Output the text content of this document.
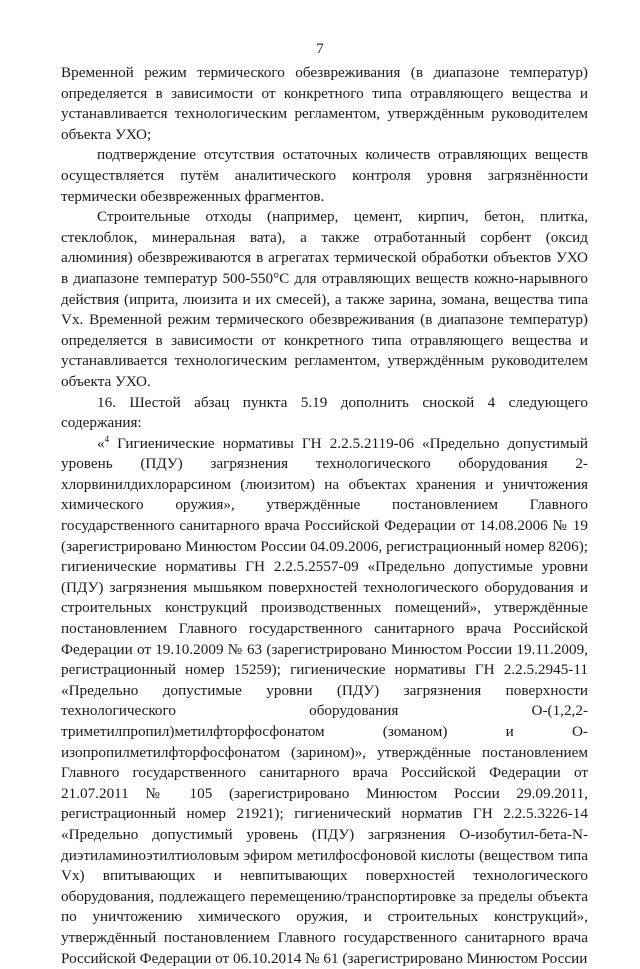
7

Временной режим термического обезвреживания (в диапазоне температур) определяется в зависимости от конкретного типа отравляющего вещества и устанавливается технологическим регламентом, утверждённым руководителем объекта УХО;

подтверждение отсутствия остаточных количеств отравляющих веществ осуществляется путём аналитического контроля уровня загрязнённости термически обезвреженных фрагментов.

Строительные отходы (например, цемент, кирпич, бетон, плитка, стеклоблок, минеральная вата), а также отработанный сорбент (оксид алюминия) обезвреживаются в агрегатах термической обработки объектов УХО в диапазоне температур 500-550°С для отравляющих веществ кожно-нарывного действия (иприта, люизита и их смесей), а также зарина, зомана, вещества типа Vx. Временной режим термического обезвреживания (в диапазоне температур) определяется в зависимости от конкретного типа отравляющего вещества и устанавливается технологическим регламентом, утверждённым руководителем объекта УХО.

16. Шестой абзац пункта 5.19 дополнить сноской 4 следующего содержания:

«$^4$ Гигиенические нормативы ГН 2.2.5.2119-06 «Предельно допустимый уровень (ПДУ) загрязнения технологического оборудования 2-хлорвинилдихлорарсином (люизитом) на объектах хранения и уничтожения химического оружия», утверждённые постановлением Главного государственного санитарного врача Российской Федерации от 14.08.2006 № 19 (зарегистрировано Минюстом России 04.09.2006, регистрационный номер 8206); гигиенические нормативы ГН 2.2.5.2557-09 «Предельно допустимые уровни (ПДУ) загрязнения мышьяком поверхностей технологического оборудования и строительных конструкций производственных помещений», утверждённые постановлением Главного государственного санитарного врача Российской Федерации от 19.10.2009 № 63 (зарегистрировано Минюстом России 19.11.2009, регистрационный номер 15259); гигиенические нормативы ГН 2.2.5.2945-11 «Предельно допустимые уровни (ПДУ) загрязнения поверхности технологического оборудования О-(1,2,2-триметилпропил)метилфторфосфонатом (зоманом) и О-изопропилметилфторфосфонатом (зарином)», утверждённые постановлением Главного государственного санитарного врача Российской Федерации от 21.07.2011 № 105 (зарегистрировано Минюстом России 29.09.2011, регистрационный номер 21921); гигиенический норматив ГН 2.2.5.3226-14 «Предельно допустимый уровень (ПДУ) загрязнения О-изобутил-бета-N-диэтиламиноэтилтиоловым эфиром метилфосфоновой кислоты (веществом типа Vx) впитывающих и невпитывающих поверхностей технологического оборудования, подлежащего перемещению/транспортировке за пределы объекта по уничтожению химического оружия, и строительных конструкций», утверждённый постановлением Главного государственного санитарного врача Российской Федерации от 06.10.2014 № 61 (зарегистрировано Минюстом России
